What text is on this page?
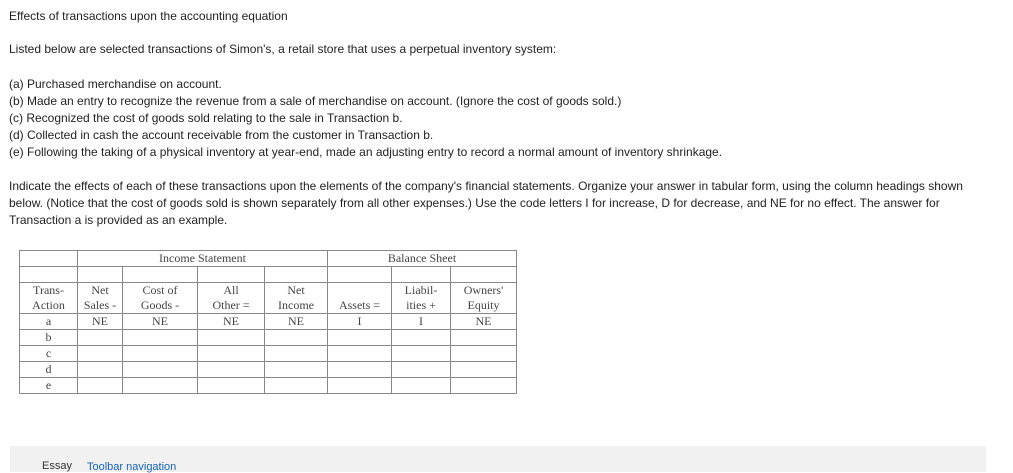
Effects of transactions upon the accounting equation
Listed below are selected transactions of Simon's, a retail store that uses a perpetual inventory system:
(a) Purchased merchandise on account.
(b) Made an entry to recognize the revenue from a sale of merchandise on account. (Ignore the cost of goods sold.)
(c) Recognized the cost of goods sold relating to the sale in Transaction b.
(d) Collected in cash the account receivable from the customer in Transaction b.
(e) Following the taking of a physical inventory at year-end, made an adjusting entry to record a normal amount of inventory shrinkage.
Indicate the effects of each of these transactions upon the elements of the company's financial statements. Organize your answer in tabular form, using the column headings shown below. (Notice that the cost of goods sold is shown separately from all other expenses.) Use the code letters I for increase, D for decrease, and NE for no effect. The answer for Transaction a is provided as an example.
	Income Statement				Balance Sheet		

Trans-	Net	Cost of	All	Net		Liabil-	Owners'
Action	Sales -	Goods -	Other =	Income	Assets =	ities +	Equity
a	NE	NE	NE	NE	I	I	NE
b							
c							
d							
e							
Essay Toolbar navigation
